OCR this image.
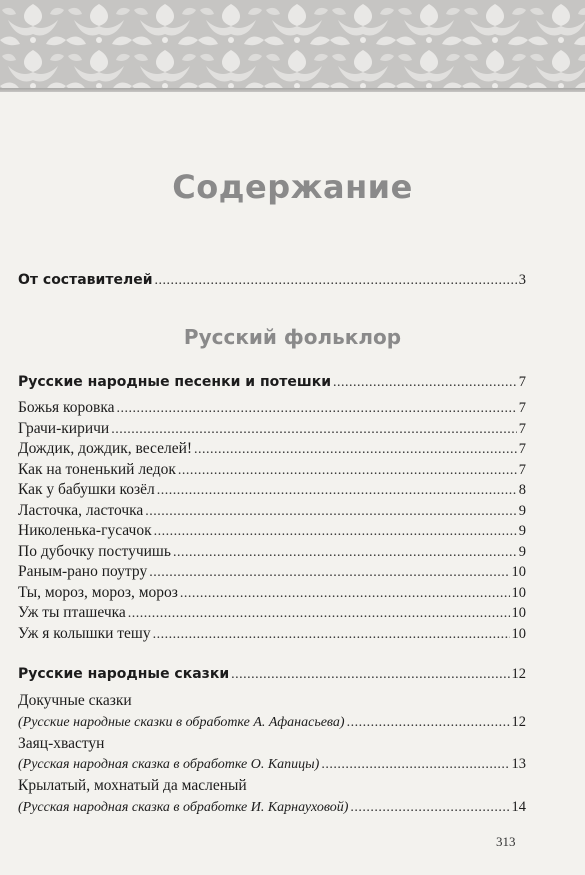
Содержание
От составителей .....	3
Русский фольклор
Русские народные песенки и потешки .....	7
Божья коровка .....	7
Грачи-киричи .....	7
Дождик, дождик, веселей! .....	7
Как на тоненький ледок .....	7
Как у бабушки козёл .....	8
Ласточка, ласточка .....	9
Николенька-гусачок .....	9
По дубочку постучишь .....	9
Раным-рано поутру .....	10
Ты, мороз, мороз, мороз .....	10
Уж ты пташечка .....	10
Уж я колышки тешу .....	10
Русские народные сказки .....	12
Докучные сказки
(Русские народные сказки в обработке А. Афанасьева) .....	12
Заяц-хвастун
(Русская народная сказка в обработке О. Капицы) .....	13
Крылатый, мохнатый да масленый
(Русская народная сказка в обработке И. Карнауховой) .....	14
313
